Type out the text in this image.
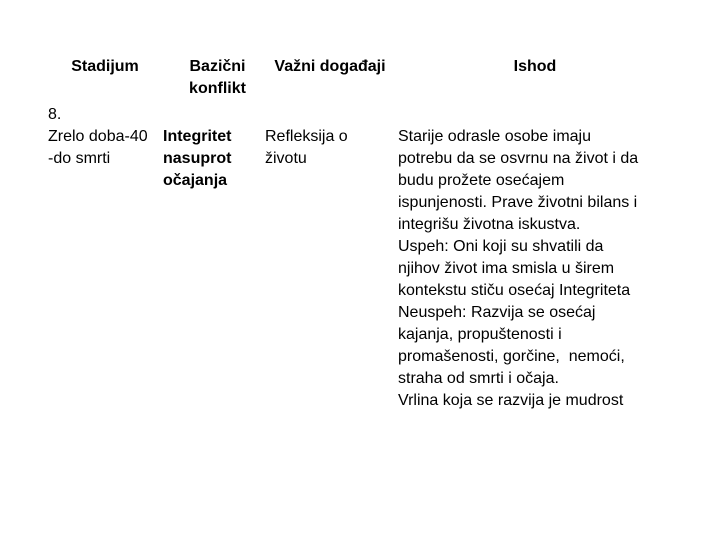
Stadijum	Bazični
konflikt
Važni događaji	Ishod
8.
Zrelo doba-40
-do smrti
Integritet
nasuprot
očajanja
Refleksija o
životu
Starije odrasle osobe imaju
potrebu da se osvrnu na život i da
budu prožete osećajem
ispunjenosti. Prave životni bilans i
integrišu životna iskustva.
Uspeh: Oni koji su shvatili da
njihov život ima smisla u širem
kontekstu stiču osećaj Integriteta
Neuspeh: Razvija se osećaj
kajanja, propuštenosti i
promašenosti, gorčine,  nemoći,
straha od smrti i očaja.
Vrlina koja se razvija je mudrost
